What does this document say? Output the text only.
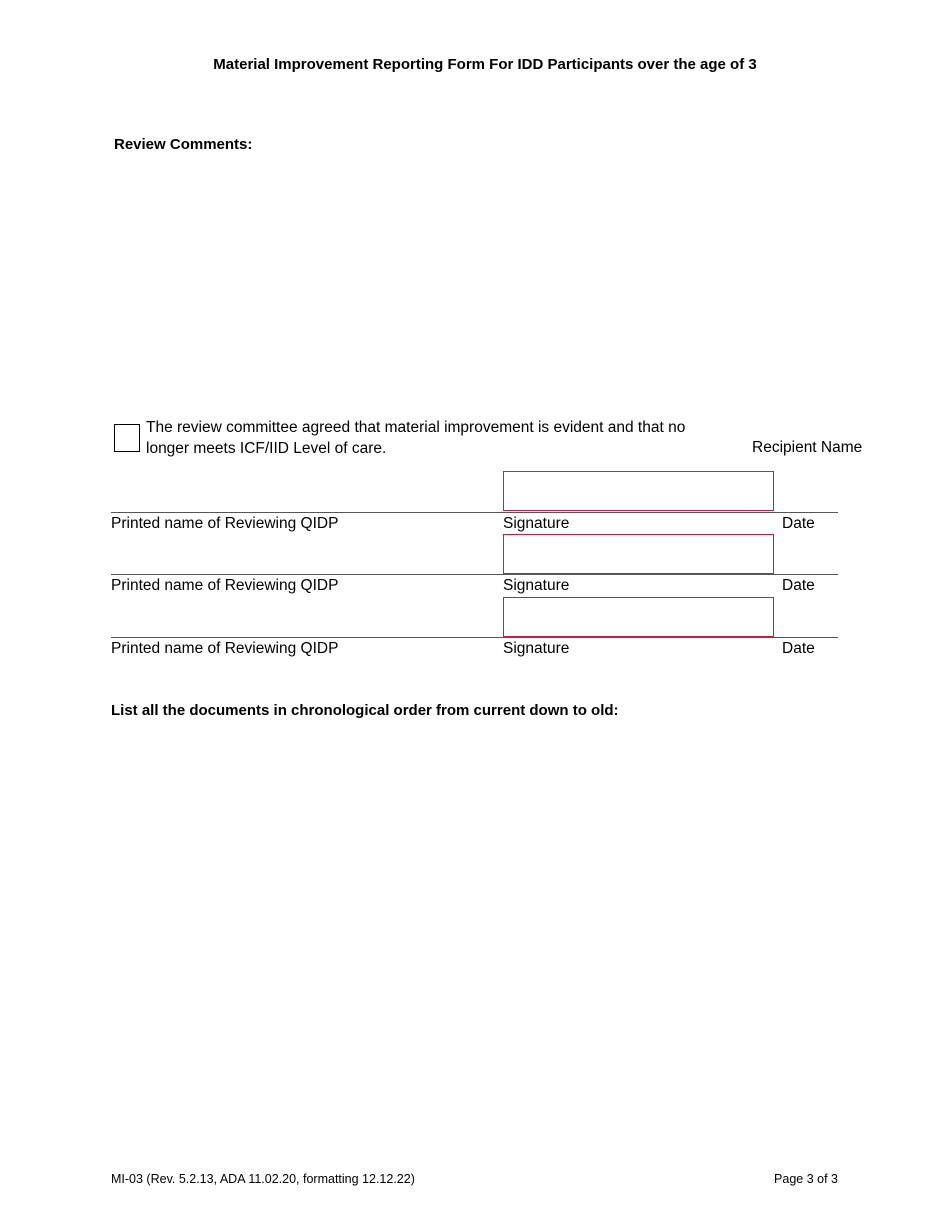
Material Improvement Reporting Form For IDD Participants over the age of 3
Review Comments:
The review committee agreed that material improvement is evident and that no longer meets ICF/IID Level of care.	Recipient Name
Printed name of Reviewing QIDP	Signature	Date
Printed name of Reviewing QIDP	Signature	Date
Printed name of Reviewing QIDP	Signature	Date
List all the documents in chronological order from current down to old:
MI-03 (Rev. 5.2.13, ADA 11.02.20, formatting 12.12.22)	Page 3 of 3
